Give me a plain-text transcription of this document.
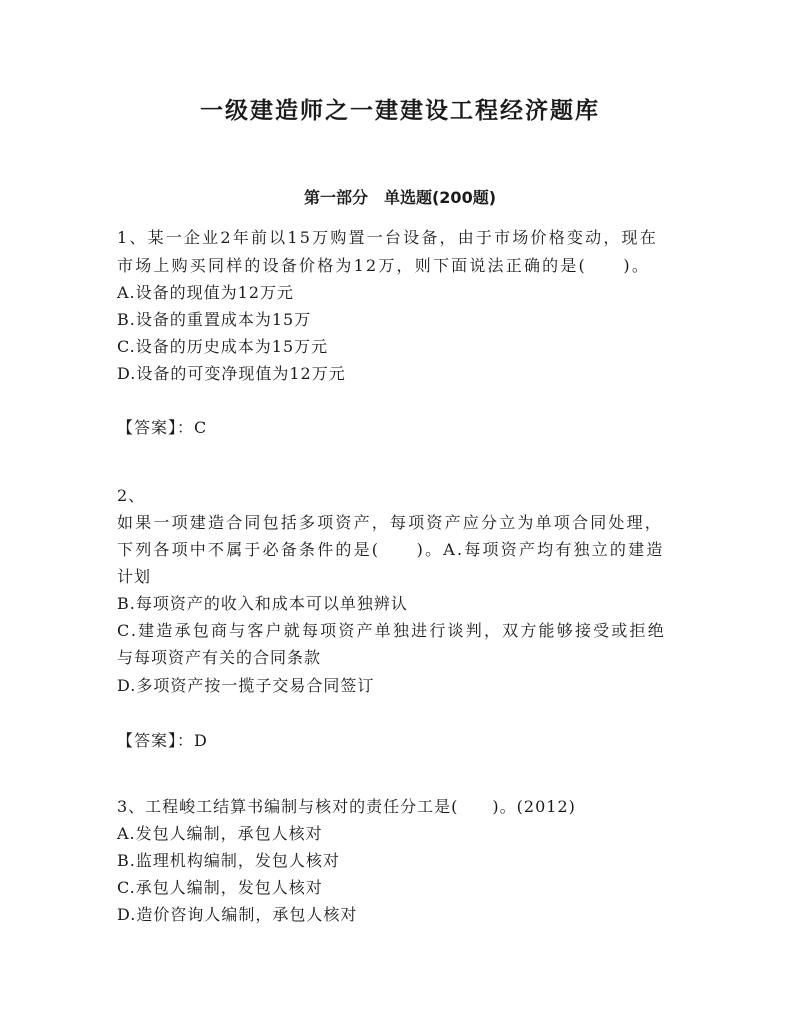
一级建造师之一建建设工程经济题库
第一部分　单选题(200题)
1、某一企业2年前以15万购置一台设备，由于市场价格变动，现在
市场上购买同样的设备价格为12万，则下面说法正确的是(　　)。
A.设备的现值为12万元
B.设备的重置成本为15万
C.设备的历史成本为15万元
D.设备的可变净现值为12万元
【答案】：C
2、
如果一项建造合同包括多项资产，每项资产应分立为单项合同处理，
下列各项中不属于必备条件的是(　　)。A.每项资产均有独立的建造
计划
B.每项资产的收入和成本可以单独辨认
C.建造承包商与客户就每项资产单独进行谈判，双方能够接受或拒绝
与每项资产有关的合同条款
D.多项资产按一揽子交易合同签订
【答案】：D
3、工程峻工结算书编制与核对的责任分工是(　　)。(2012)
A.发包人编制，承包人核对
B.监理机构编制，发包人核对
C.承包人编制，发包人核对
D.造价咨询人编制，承包人核对
